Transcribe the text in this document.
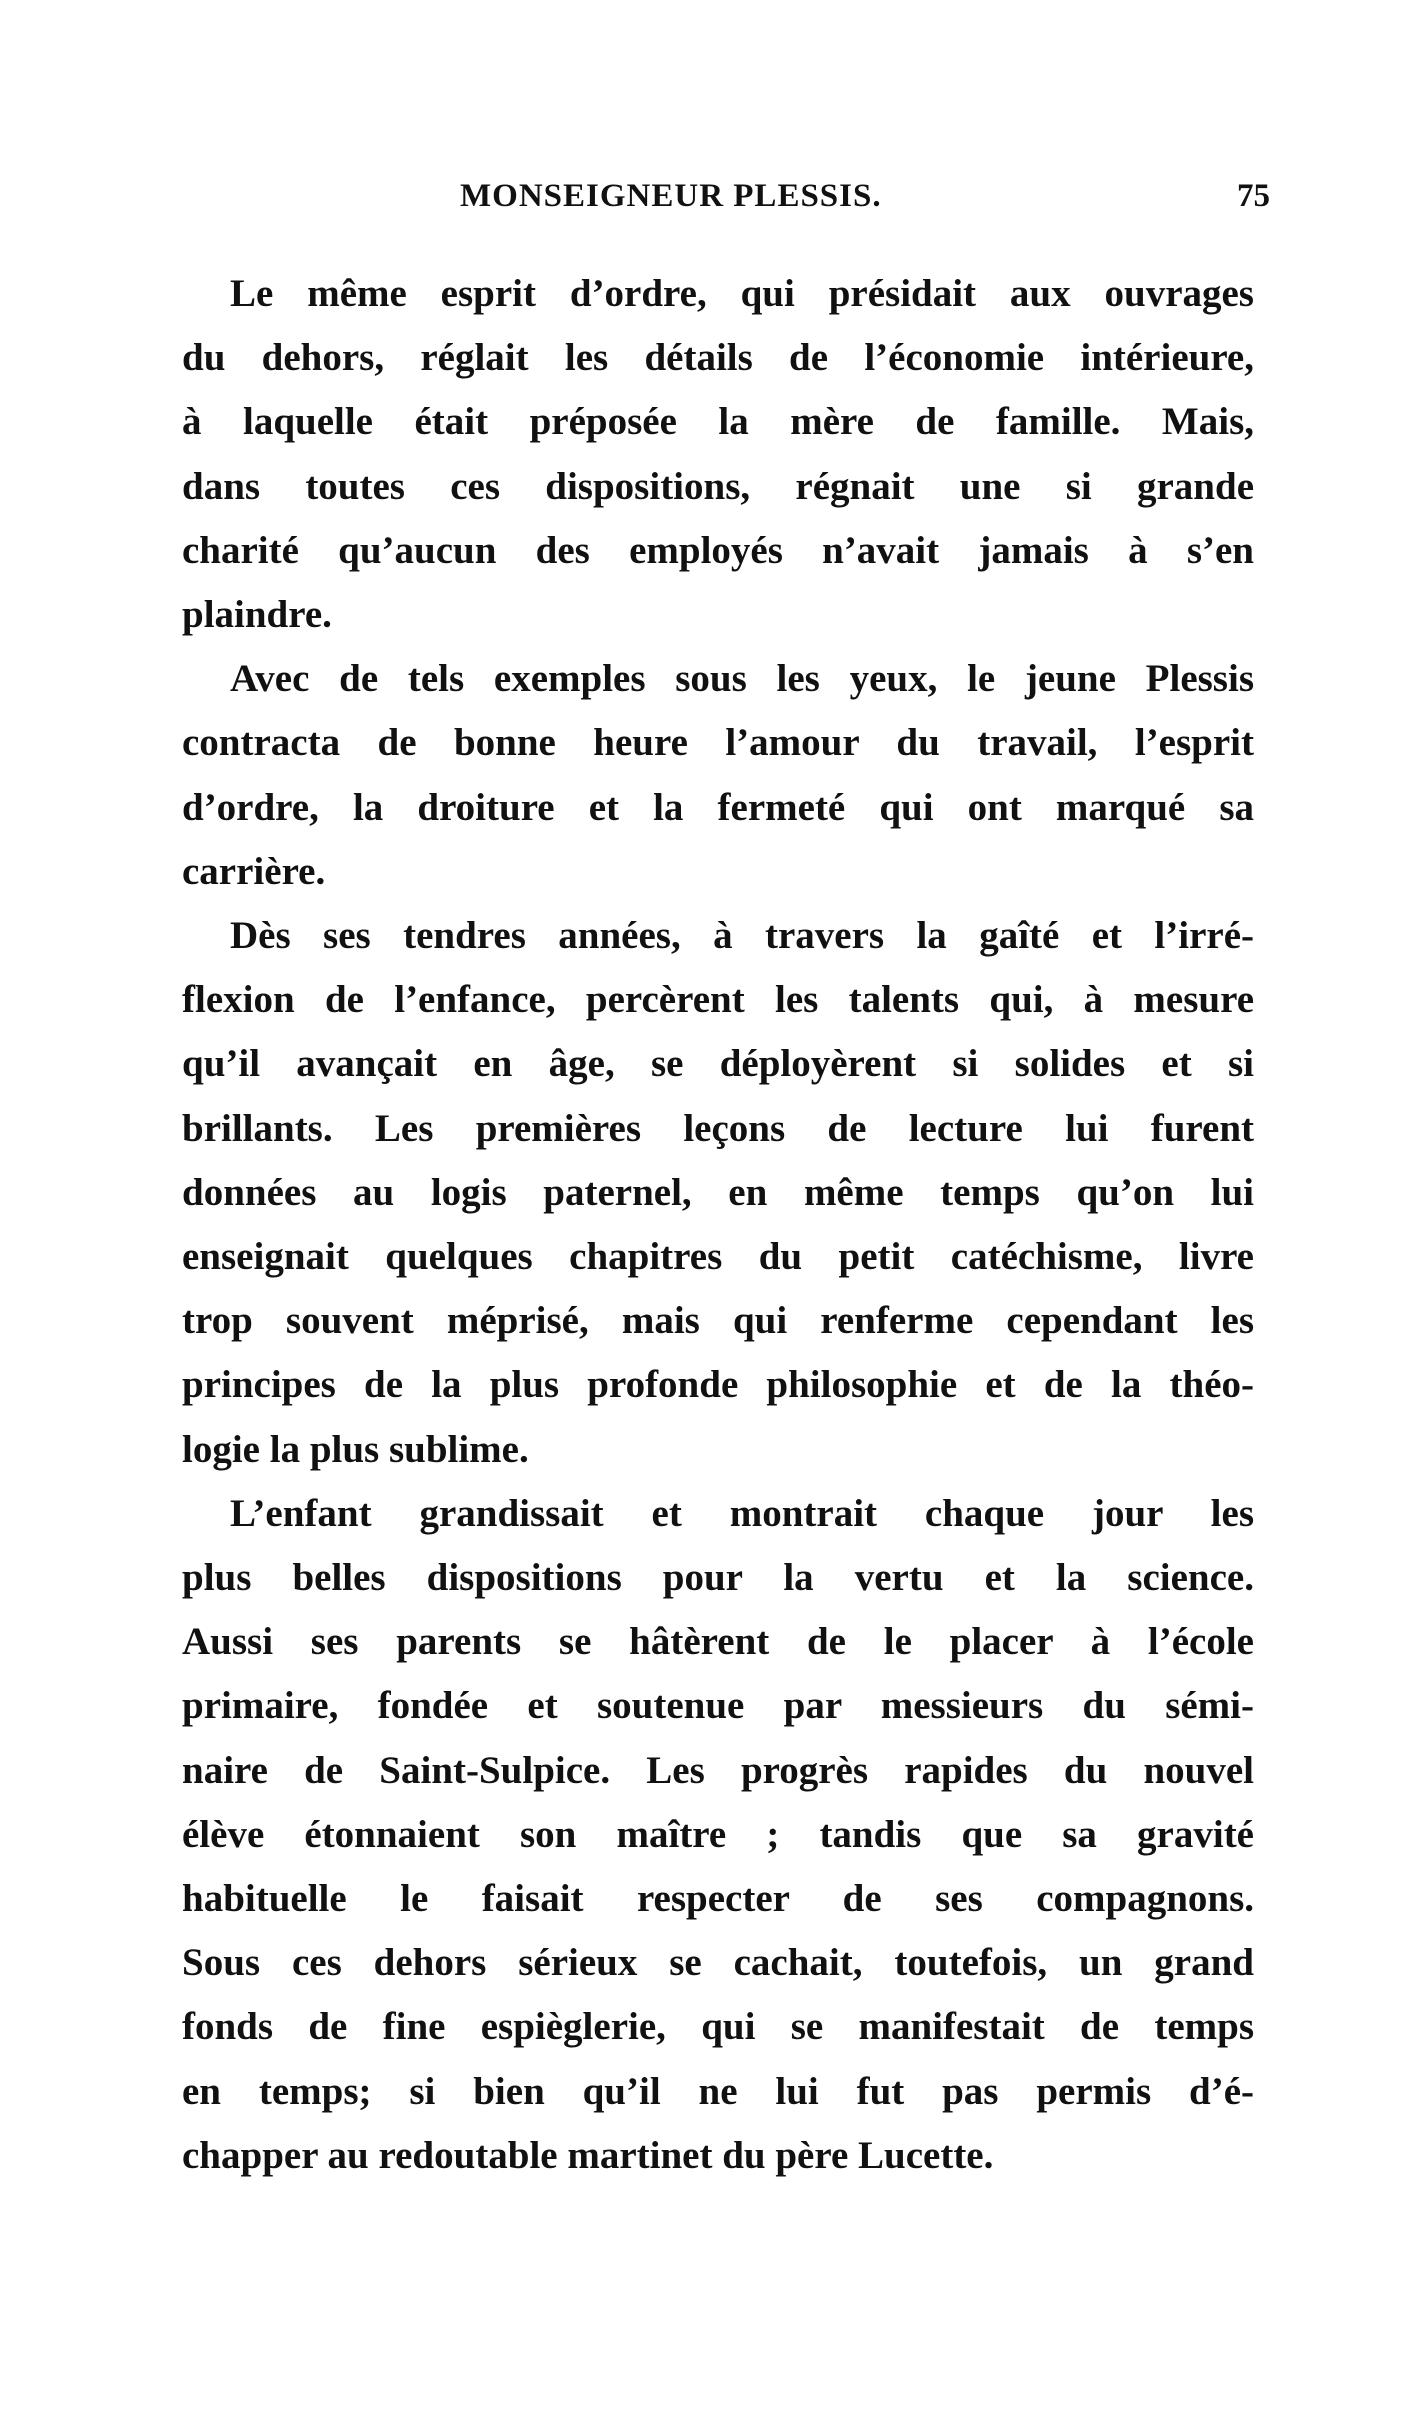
MONSEIGNEUR PLESSIS.	75

Le même esprit d’ordre, qui présidait aux ouvrages
du dehors, réglait les détails de l’économie intérieure,
à laquelle était préposée la mère de famille. Mais,
dans toutes ces dispositions, régnait une si grande
charité qu’aucun des employés n’avait jamais à s’en
plaindre.

Avec de tels exemples sous les yeux, le jeune Plessis
contracta de bonne heure l’amour du travail, l’esprit
d’ordre, la droiture et la fermeté qui ont marqué sa
carrière.

Dès ses tendres années, à travers la gaîté et l’irré-
flexion de l’enfance, percèrent les talents qui, à mesure
qu’il avançait en âge, se déployèrent si solides et si
brillants. Les premières leçons de lecture lui furent
données au logis paternel, en même temps qu’on lui
enseignait quelques chapitres du petit catéchisme, livre
trop souvent méprisé, mais qui renferme cependant les
principes de la plus profonde philosophie et de la théo-
logie la plus sublime.

L’enfant grandissait et montrait chaque jour les
plus belles dispositions pour la vertu et la science.
Aussi ses parents se hâtèrent de le placer à l’école
primaire, fondée et soutenue par messieurs du sémi-
naire de Saint-Sulpice. Les progrès rapides du nouvel
élève étonnaient son maître ; tandis que sa gravité
habituelle le faisait respecter de ses compagnons.
Sous ces dehors sérieux se cachait, toutefois, un grand
fonds de fine espièglerie, qui se manifestait de temps
en temps; si bien qu’il ne lui fut pas permis d’é-
chapper au redoutable martinet du père Lucette.
